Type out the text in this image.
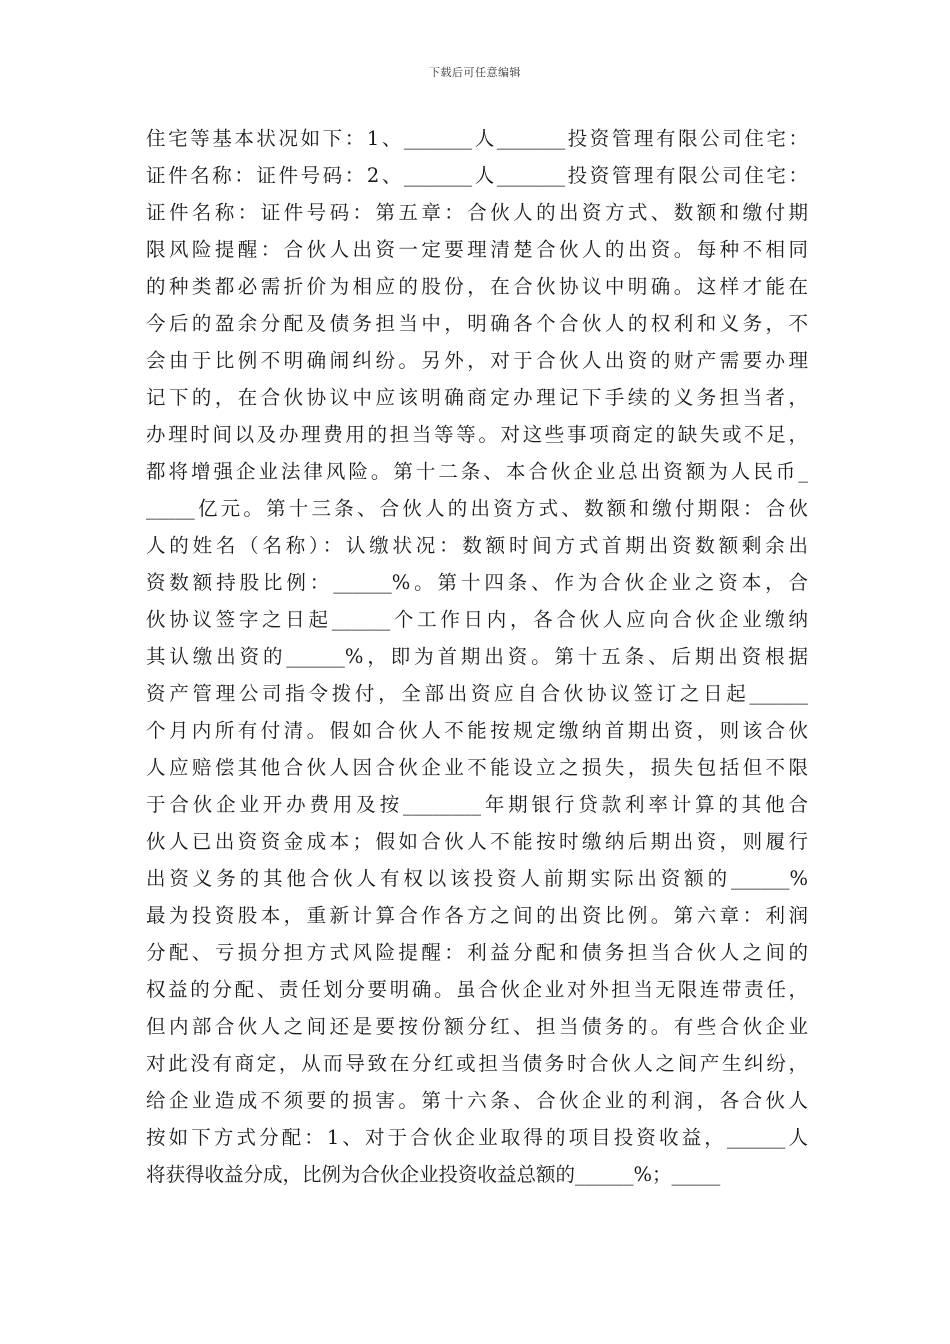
下载后可任意编辑
住宅等基本状况如下：1、_______人_______投资管理有限公司住宅：
证件名称：证件号码：2、_______人_______投资管理有限公司住宅：
证件名称：证件号码：第五章：合伙人的出资方式、数额和缴付期
限风险提醒：合伙人出资一定要理清楚合伙人的出资。每种不相同
的种类都必需折价为相应的股份，在合伙协议中明确。这样才能在
今后的盈余分配及债务担当中，明确各个合伙人的权利和义务，不
会由于比例不明确闹纠纷。另外，对于合伙人出资的财产需要办理
记下的，在合伙协议中应该明确商定办理记下手续的义务担当者，
办理时间以及办理费用的担当等等。对这些事项商定的缺失或不足，
都将增强企业法律风险。第十二条、本合伙企业总出资额为人民币_
_____亿元。第十三条、合伙人的出资方式、数额和缴付期限：合伙
人的姓名（名称）：认缴状况：数额时间方式首期出资数额剩余出
资数额持股比例：______%。第十四条、作为合伙企业之资本，合
伙协议签字之日起______个工作日内，各合伙人应向合伙企业缴纳
其认缴出资的______%，即为首期出资。第十五条、后期出资根据
资产管理公司指令拨付，全部出资应自合伙协议签订之日起______
个月内所有付清。假如合伙人不能按规定缴纳首期出资，则该合伙
人应赔偿其他合伙人因合伙企业不能设立之损失，损失包括但不限
于合伙企业开办费用及按________年期银行贷款利率计算的其他合
伙人已出资资金成本；假如合伙人不能按时缴纳后期出资，则履行
出资义务的其他合伙人有权以该投资人前期实际出资额的______%
最为投资股本，重新计算合作各方之间的出资比例。第六章：利润
分配、亏损分担方式风险提醒：利益分配和债务担当合伙人之间的
权益的分配、责任划分要明确。虽合伙企业对外担当无限连带责任，
但内部合伙人之间还是要按份额分红、担当债务的。有些合伙企业
对此没有商定，从而导致在分红或担当债务时合伙人之间产生纠纷，
给企业造成不须要的损害。第十六条、合伙企业的利润，各合伙人
按如下方式分配：1、对于合伙企业取得的项目投资收益，______人
将获得收益分成，比例为合伙企业投资收益总额的______%；_____
